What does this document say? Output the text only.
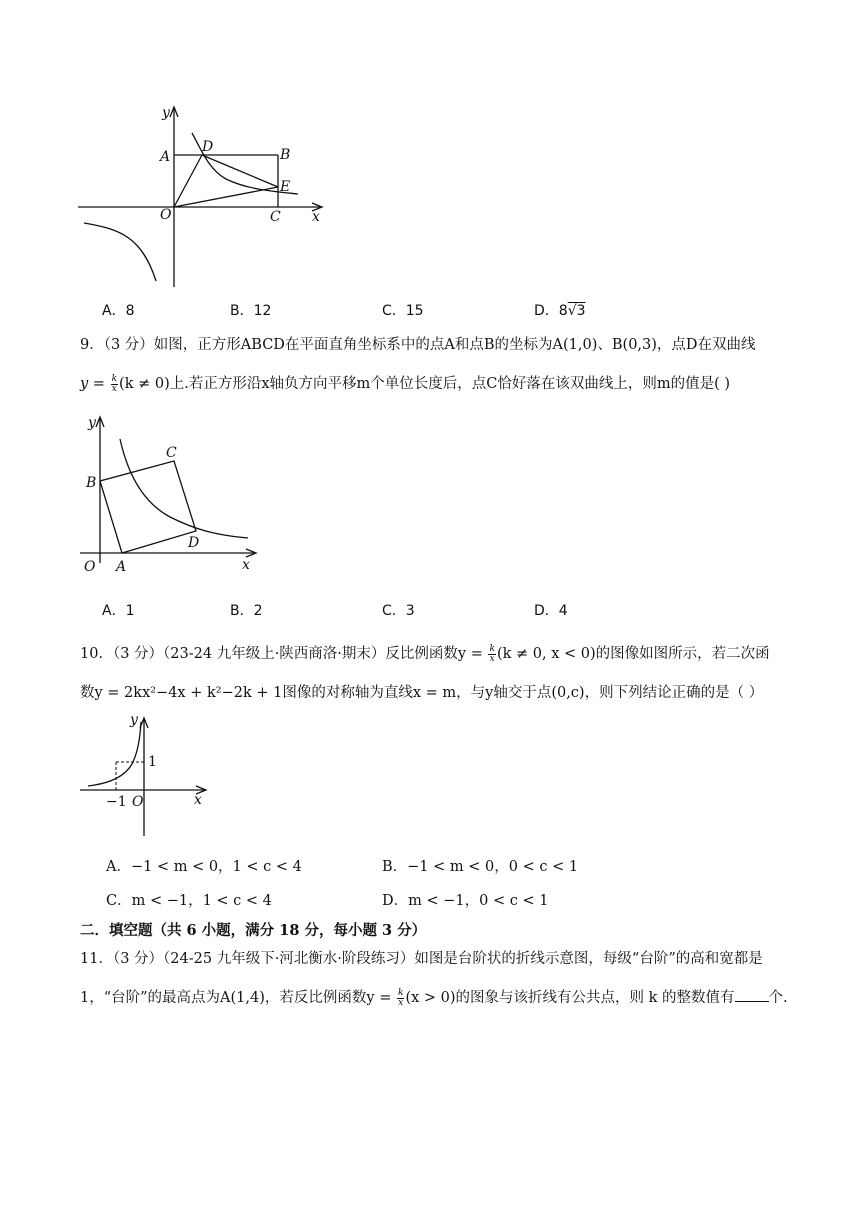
y
A
D	B
E
O	C x
A．8	B．12	C．15	D．8√3
9．（3 分）如图，正方形ABCD在平面直角坐标系中的点A和点B的坐标为A(1,0)、B(0,3)，点D在双曲线
$y = \frac{k}{x} (k \ne 0)$上.若正方形沿x轴负方向平移m个单位长度后，点C恰好落在该双曲线上，则m的值是( )
y
B
C
D
O A	x
A．1	B．2	C．3	D．4
10．（3 分）（23-24 九年级上·陕西商洛·期末）反比例函数$y = \frac{k}{x} (k \ne 0$, x < 0)的图像如图所示，若二次函
数y = 2kx²−4x + k²−2k + 1图像的对称轴为直线x = m，与y轴交于点(0,c)，则下列结论正确的是（ ）
y
1
−1 O	x
A．−1 < m < 0，1 < c < 4	B．−1 < m < 0，0 < c < 1
C．m < −1，1 < c < 4	D．m < −1，0 < c < 1
二．填空题（共 6 小题，满分 18 分，每小题 3 分）
11．（3 分）（24-25 九年级下·河北衡水·阶段练习）如图是台阶状的折线示意图，每级“台阶”的高和宽都是
1，“台阶”的最高点为A(1,4)，若反比例函数$y = \frac{k}{x} (x > 0)$的图象与该折线有公共点，则 k 的整数值有 个.
